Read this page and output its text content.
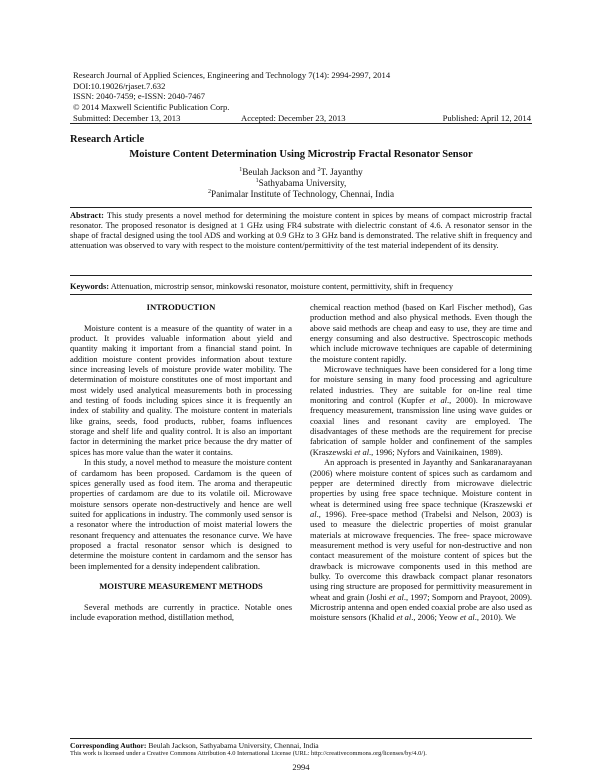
Research Journal of Applied Sciences, Engineering and Technology 7(14): 2994-2997, 2014
DOI:10.19026/rjaset.7.632
ISSN: 2040-7459; e-ISSN: 2040-7467
© 2014 Maxwell Scientific Publication Corp.
Submitted: December 13, 2013	Accepted: December 23, 2013	Published: April 12, 2014
Research Article
Moisture Content Determination Using Microstrip Fractal Resonator Sensor
$^1$Beulah Jackson and $^2$T. Jayanthy
$^1$Sathyabama University,
$^2$Panimalar Institute of Technology, Chennai, India
Abstract: This study presents a novel method for determining the moisture content in spices by means of compact microstrip fractal resonator. The proposed resonator is designed at 1 GHz using FR4 substrate with dielectric constant of 4.6. A resonator sensor in the shape of fractal designed using the tool ADS and working at 0.9 GHz to 3 GHz band is demonstrated. The relative shift in frequency and attenuation was observed to vary with respect to the moisture content/permittivity of the test material independent of its density.
Keywords: Attenuation, microstrip sensor, minkowski resonator, moisture content, permittivity, shift in frequency
INTRODUCTION

Moisture content is a measure of the quantity of water in a product. It provides valuable information about yield and quantity making it important from a financial stand point. In addition moisture content provides information about texture since increasing levels of moisture provide water mobility. The determination of moisture constitutes one of most important and most widely used analytical measurements both in processing and testing of foods including spices since it is frequently an index of stability and quality. The moisture content in materials like grains, seeds, food products, rubber, foams influences storage and shelf life and quality control. It is also an important factor in determining the market price because the dry matter of spices has more value than the water it contains.

In this study, a novel method to measure the moisture content of cardamom has been proposed. Cardamom is the queen of spices generally used as food item. The aroma and therapeutic properties of cardamom are due to its volatile oil. Microwave moisture sensors operate non-destructively and hence are well suited for applications in industry. The commonly used sensor is a resonator where the introduction of moist material lowers the resonant frequency and attenuates the resonance curve. We have proposed a fractal resonator sensor which is designed to determine the moisture content in cardamom and the sensor has been implemented for a density independent calibration.

MOISTURE MEASUREMENT METHODS

Several methods are currently in practice. Notable ones include evaporation method, distillation method,

chemical reaction method (based on Karl Fischer method), Gas production method and also physical methods. Even though the above said methods are cheap and easy to use, they are time and energy consuming and also destructive. Spectroscopic methods which include microwave techniques are capable of determining the moisture content rapidly.

Microwave techniques have been considered for a long time for moisture sensing in many food processing and agriculture related industries. They are suitable for on-line real time monitoring and control (Kupfer et al., 2000). In microwave frequency measurement, transmission line using wave guides or coaxial lines and resonant cavity are employed. The disadvantages of these methods are the requirement for precise fabrication of sample holder and confinement of the samples (Kraszewski et al., 1996; Nyfors and Vainikainen, 1989).

An approach is presented in Jayanthy and Sankaranarayanan (2006) where moisture content of spices such as cardamom and pepper are determined directly from microwave dielectric properties by using free space technique. Moisture content in wheat is determined using free space technique (Kraszewski et al., 1996). Free-space method (Trabelsi and Nelson, 2003) is used to measure the dielectric properties of moist granular materials at microwave frequencies. The free- space microwave measurement method is very useful for non-destructive and non contact measurement of the moisture content of spices but the drawback is microwave components used in this method are bulky. To overcome this drawback compact planar resonators using ring structure are proposed for permittivity measurement in wheat and grain (Joshi et al., 1997; Somporn and Prayoot, 2009). Microstrip antenna and open ended coaxial probe are also used as moisture sensors (Khalid et al., 2006; Yeow et al., 2010). We

Corresponding Author: Beulah Jackson, Sathyabama University, Chennai, India
This work is licensed under a Creative Commons Attribution 4.0 International License (URL: http://creativecommons.org/licenses/by/4.0/).
2994
